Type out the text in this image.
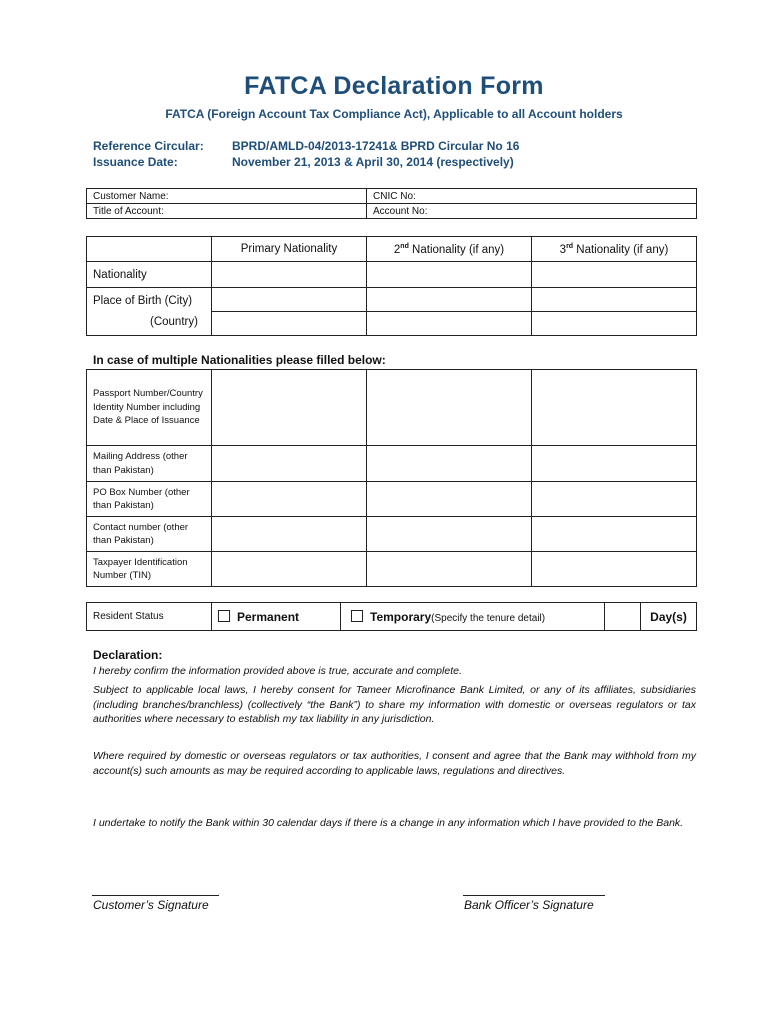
FATCA Declaration Form
FATCA (Foreign Account Tax Compliance Act), Applicable to all Account holders
Reference Circular: BPRD/AMLD-04/2013-17241& BPRD Circular No 16
Issuance Date:	November 21, 2013 & April 30, 2014 (respectively)
Customer Name:	CNIC No:
Title of Account:	Account No:
	Primary Nationality	2nd Nationality (if any)	3rd Nationality (if any)
Nationality			

Place of Birth (City)
(Country)			

In case of multiple Nationalities please filled below:
Passport Number/Country Identity Number including Date & Place of Issuance			
Mailing Address (other than Pakistan)			
PO Box Number (other than Pakistan)			
Contact number (other than Pakistan)			
Taxpayer Identification Number (TIN)			
Resident Status	Permanent	Temporary(Specify the tenure detail)		Day(s)
Declaration:
I hereby confirm the information provided above is true, accurate and complete.
Subject to applicable local laws, I hereby consent for Tameer Microfinance Bank Limited, or any of its affiliates, subsidiaries (including branches/branchless) (collectively “the Bank”) to share my information with domestic or overseas regulators or tax authorities where necessary to establish my tax liability in any jurisdiction.
Where required by domestic or overseas regulators or tax authorities, I consent and agree that the Bank may withhold from my account(s) such amounts as may be required according to applicable laws, regulations and directives.
I undertake to notify the Bank within 30 calendar days if there is a change in any information which I have provided to the Bank.
Customer’s Signature	Bank Officer’s Signature
